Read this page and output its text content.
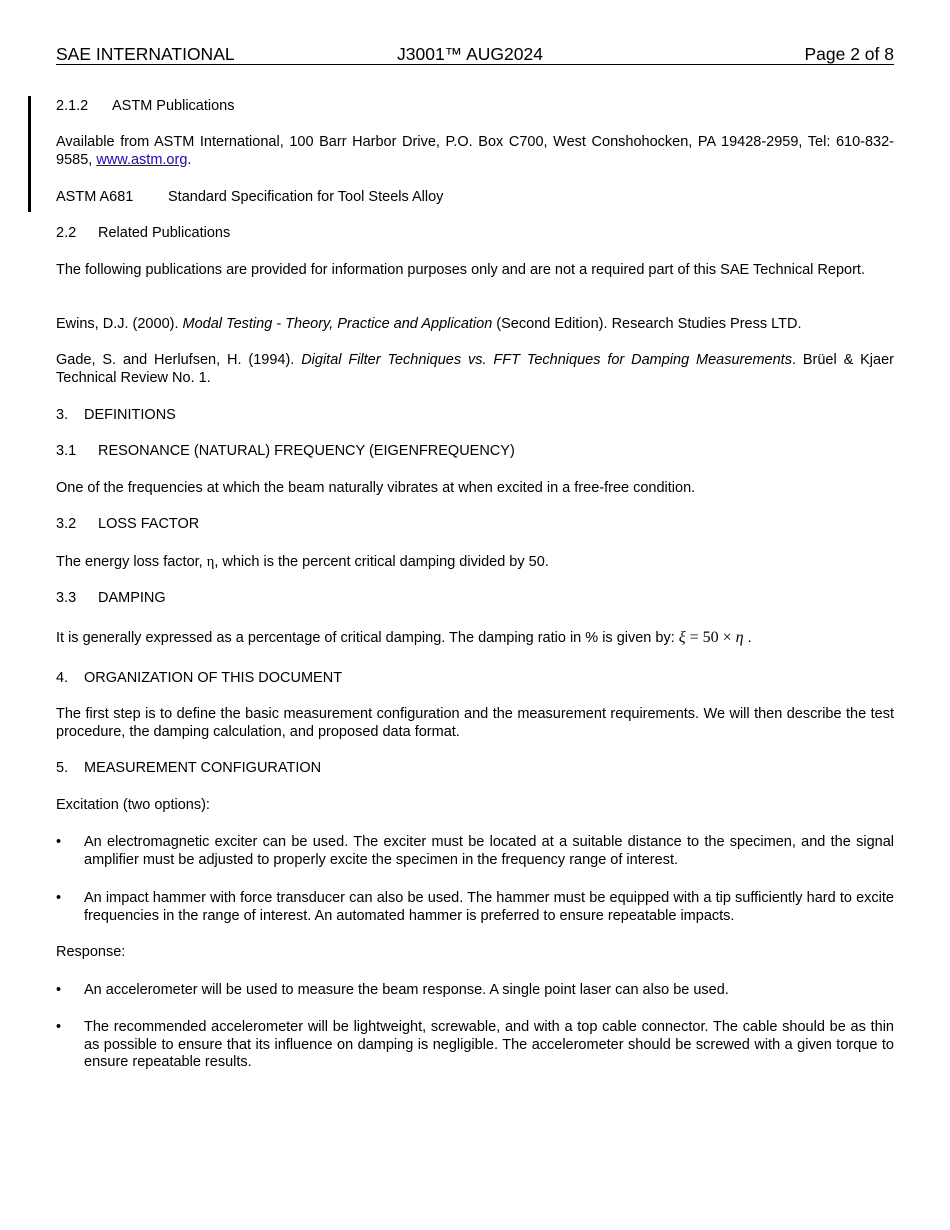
SAE INTERNATIONAL	J3001™ AUG2024	Page 2 of 8
2.1.2 ASTM Publications
Available from ASTM International, 100 Barr Harbor Drive, P.O. Box C700, West Conshohocken, PA 19428-2959, Tel: 610-832-9585, www.astm.org.
ASTM A681 Standard Specification for Tool Steels Alloy
2.2 Related Publications
The following publications are provided for information purposes only and are not a required part of this SAE Technical Report.
Ewins, D.J. (2000). Modal Testing - Theory, Practice and Application (Second Edition). Research Studies Press LTD.
Gade, S. and Herlufsen, H. (1994). Digital Filter Techniques vs. FFT Techniques for Damping Measurements. Brüel & Kjaer Technical Review No. 1.
3. DEFINITIONS
3.1 RESONANCE (NATURAL) FREQUENCY (EIGENFREQUENCY)
One of the frequencies at which the beam naturally vibrates at when excited in a free-free condition.
3.2 LOSS FACTOR
The energy loss factor, η, which is the percent critical damping divided by 50.
3.3 DAMPING
It is generally expressed as a percentage of critical damping. The damping ratio in % is given by: ξ = 50 × η .
4. ORGANIZATION OF THIS DOCUMENT
The first step is to define the basic measurement configuration and the measurement requirements. We will then describe the test procedure, the damping calculation, and proposed data format.
5. MEASUREMENT CONFIGURATION
Excitation (two options):
•	An electromagnetic exciter can be used. The exciter must be located at a suitable distance to the specimen, and the signal amplifier must be adjusted to properly excite the specimen in the frequency range of interest.
•	An impact hammer with force transducer can also be used. The hammer must be equipped with a tip sufficiently hard to excite frequencies in the range of interest. An automated hammer is preferred to ensure repeatable impacts.
Response:
•	An accelerometer will be used to measure the beam response. A single point laser can also be used.
•	The recommended accelerometer will be lightweight, screwable, and with a top cable connector. The cable should be as thin as possible to ensure that its influence on damping is negligible. The accelerometer should be screwed with a given torque to ensure repeatable results.
